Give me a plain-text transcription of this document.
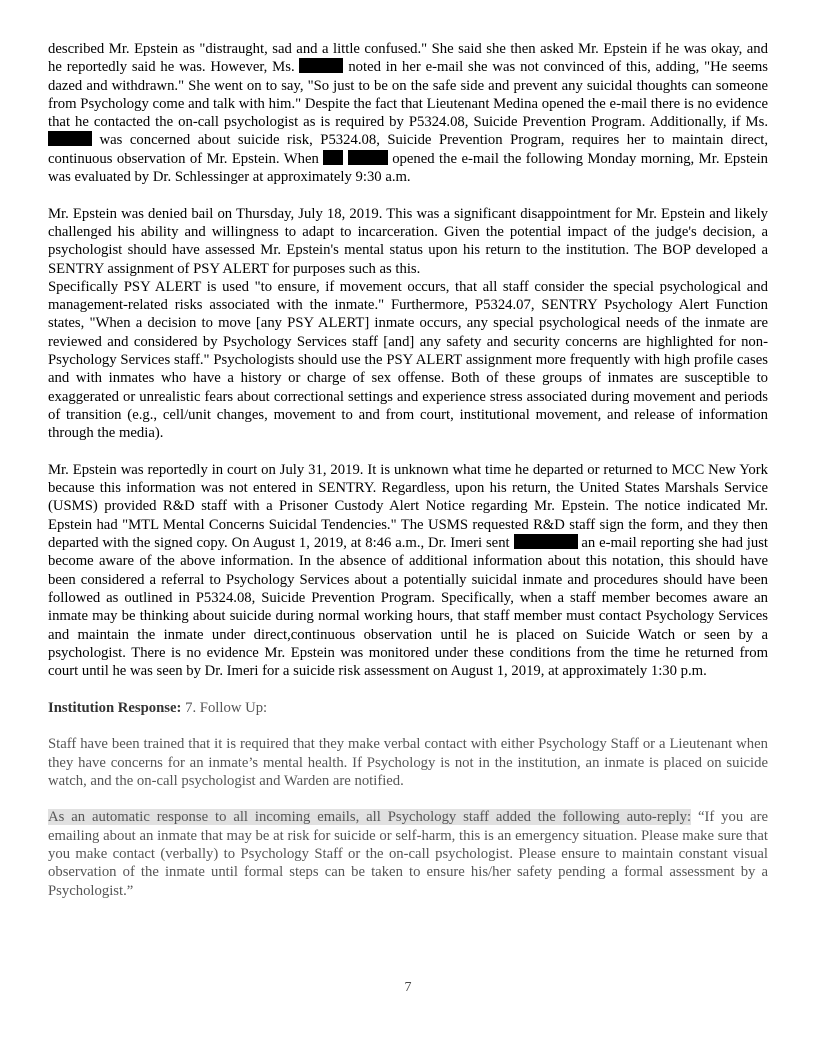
described Mr. Epstein as "distraught, sad and a little confused." She said she then asked Mr. Epstein if he was okay, and he reportedly said he was. However, Ms.	noted in her e-mail she was not convinced of this, adding, "He seems dazed and withdrawn." She went on to say, "So just to be on the safe side and prevent any suicidal thoughts can someone from Psychology come and talk with him." Despite the fact that Lieutenant Medina opened the e-mail there is no evidence that he contacted the on-call psychologist as is required by P5324.08, Suicide Prevention Program. Additionally, if Ms.  was concerned about suicide risk, P5324.08, Suicide Prevention Program, requires her to maintain direct, continuous observation of Mr. Epstein. When	opened the e-mail the following Monday morning, Mr. Epstein was evaluated by Dr. Schlessinger at approximately 9:30 a.m.

Mr. Epstein was denied bail on Thursday, July 18, 2019. This was a significant disappointment for Mr. Epstein and likely challenged his ability and willingness to adapt to incarceration. Given the potential impact of the judge's decision, a psychologist should have assessed Mr. Epstein's mental status upon his return to the institution. The BOP developed a SENTRY assignment of PSY ALERT for purposes such as this.

Specifically PSY ALERT is used "to ensure, if movement occurs, that all staff consider the special psychological and management-related risks associated with the inmate." Furthermore, P5324.07, SENTRY Psychology Alert Function states, "When a decision to move [any PSY ALERT] inmate occurs, any special psychological needs of the inmate are reviewed and considered by Psychology Services staff [and] any safety and security concerns are highlighted for non-Psychology Services staff." Psychologists should use the PSY ALERT assignment more frequently with high profile cases and with inmates who have a history or charge of sex offense. Both of these groups of inmates are susceptible to exaggerated or unrealistic fears about correctional settings and experience stress associated during movement and periods of transition (e.g., cell/unit changes, movement to and from court, institutional movement, and release of information through the media).

Mr. Epstein was reportedly in court on July 31, 2019. It is unknown what time he departed or returned to MCC New York because this information was not entered in SENTRY. Regardless, upon his return, the United States Marshals Service (USMS) provided R&D staff with a Prisoner Custody Alert Notice regarding Mr. Epstein. The notice indicated Mr. Epstein had "MTL Mental Concerns Suicidal Tendencies." The USMS requested R&D staff sign the form, and they then departed with the signed copy. On August 1, 2019, at 8:46 a.m., Dr. Imeri sent	an e-mail reporting she had just become aware of the above information. In the absence of additional information about this notation, this should have been considered a referral to Psychology Services about a potentially suicidal inmate and procedures should have been followed as outlined in P5324.08, Suicide Prevention Program. Specifically, when a staff member becomes aware an inmate may be thinking about suicide during normal working hours, that staff member must contact Psychology Services and maintain the inmate under direct,continuous observation until he is placed on Suicide Watch or seen by a psychologist. There is no evidence Mr. Epstein was monitored under these conditions from the time he returned from court until he was seen by Dr. Imeri for a suicide risk assessment on August 1, 2019, at approximately 1:30 p.m.

Institution Response: 7. Follow Up:

Staff have been trained that it is required that they make verbal contact with either Psychology Staff or a Lieutenant when they have concerns for an inmate’s mental health. If Psychology is not in the institution, an inmate is placed on suicide watch, and the on-call psychologist and Warden are notified.

As an automatic response to all incoming emails, all Psychology staff added the following auto-reply: “If you are emailing about an inmate that may be at risk for suicide or self-harm, this is an emergency situation. Please make sure that you make contact (verbally) to Psychology Staff or the on-call psychologist. Please ensure to maintain constant visual observation of the inmate until formal steps can be taken to ensure his/her safety pending a formal assessment by a Psychologist.”

7
